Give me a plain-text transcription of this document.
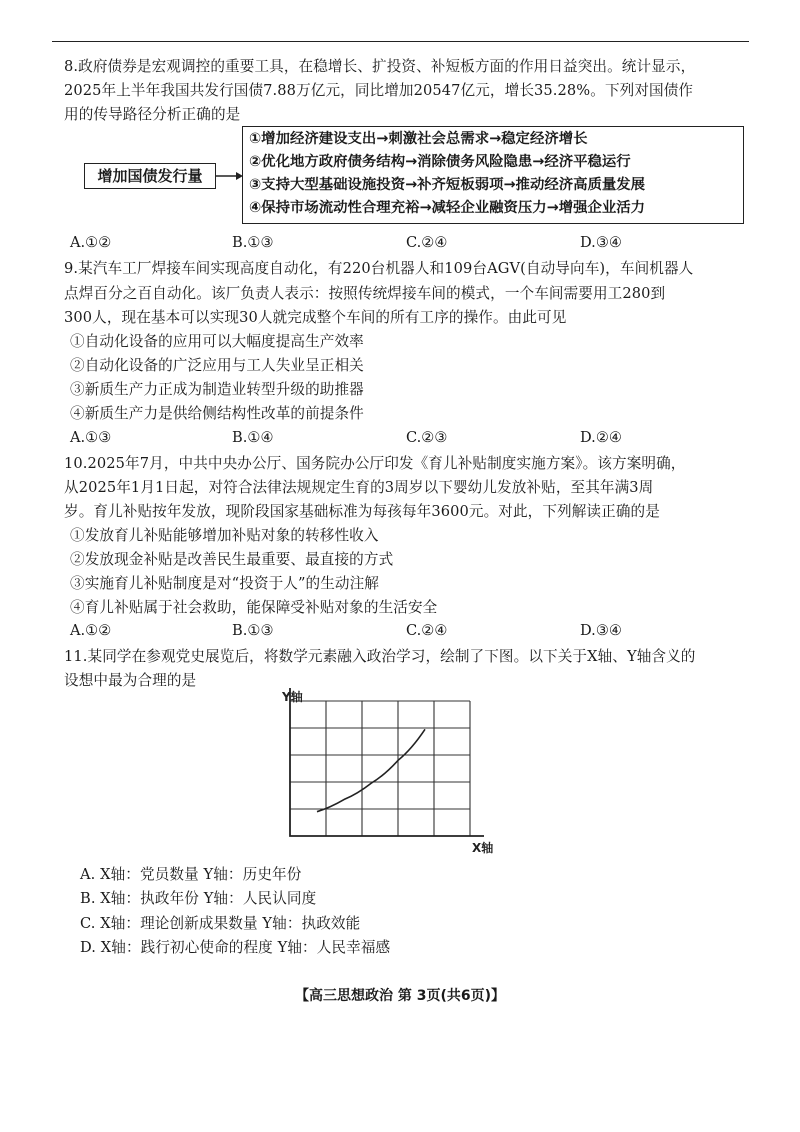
8.政府债券是宏观调控的重要工具，在稳增长、扩投资、补短板方面的作用日益突出。统计显示，
2025年上半年我国共发行国债7.88万亿元，同比增加20547亿元，增长35.28%。下列对国债作
用的传导路径分析正确的是
增加国债发行量
①增加经济建设支出→刺激社会总需求→稳定经济增长
②优化地方政府债务结构→消除债务风险隐患→经济平稳运行
③支持大型基础设施投资→补齐短板弱项→推动经济高质量发展
④保持市场流动性合理充裕→减轻企业融资压力→增强企业活力
A.①②	B.①③	C.②④	D.③④
9.某汽车工厂焊接车间实现高度自动化，有220台机器人和109台AGV(自动导向车)，车间机器人
点焊百分之百自动化。该厂负责人表示：按照传统焊接车间的模式，一个车间需要用工280到
300人，现在基本可以实现30人就完成整个车间的所有工序的操作。由此可见
①自动化设备的应用可以大幅度提高生产效率
②自动化设备的广泛应用与工人失业呈正相关
③新质生产力正成为制造业转型升级的助推器
④新质生产力是供给侧结构性改革的前提条件
A.①③	B.①④	C.②③	D.②④
10.2025年7月，中共中央办公厅、国务院办公厅印发《育儿补贴制度实施方案》。该方案明确，
从2025年1月1日起，对符合法律法规规定生育的3周岁以下婴幼儿发放补贴，至其年满3周
岁。育儿补贴按年发放，现阶段国家基础标准为每孩每年3600元。对此，下列解读正确的是
①发放育儿补贴能够增加补贴对象的转移性收入
②发放现金补贴是改善民生最重要、最直接的方式
③实施育儿补贴制度是对“投资于人”的生动注解
④育儿补贴属于社会救助，能保障受补贴对象的生活安全
A.①②	B.①③	C.②④	D.③④
11.某同学在参观党史展览后，将数学元素融入政治学习，绘制了下图。以下关于X轴、Y轴含义的
设想中最为合理的是
Y轴
X轴
A. X轴：党员数量 Y轴：历史年份
B. X轴：执政年份 Y轴：人民认同度
C. X轴：理论创新成果数量 Y轴：执政效能
D. X轴：践行初心使命的程度 Y轴：人民幸福感
【高三思想政治 第 3页(共6页)】
